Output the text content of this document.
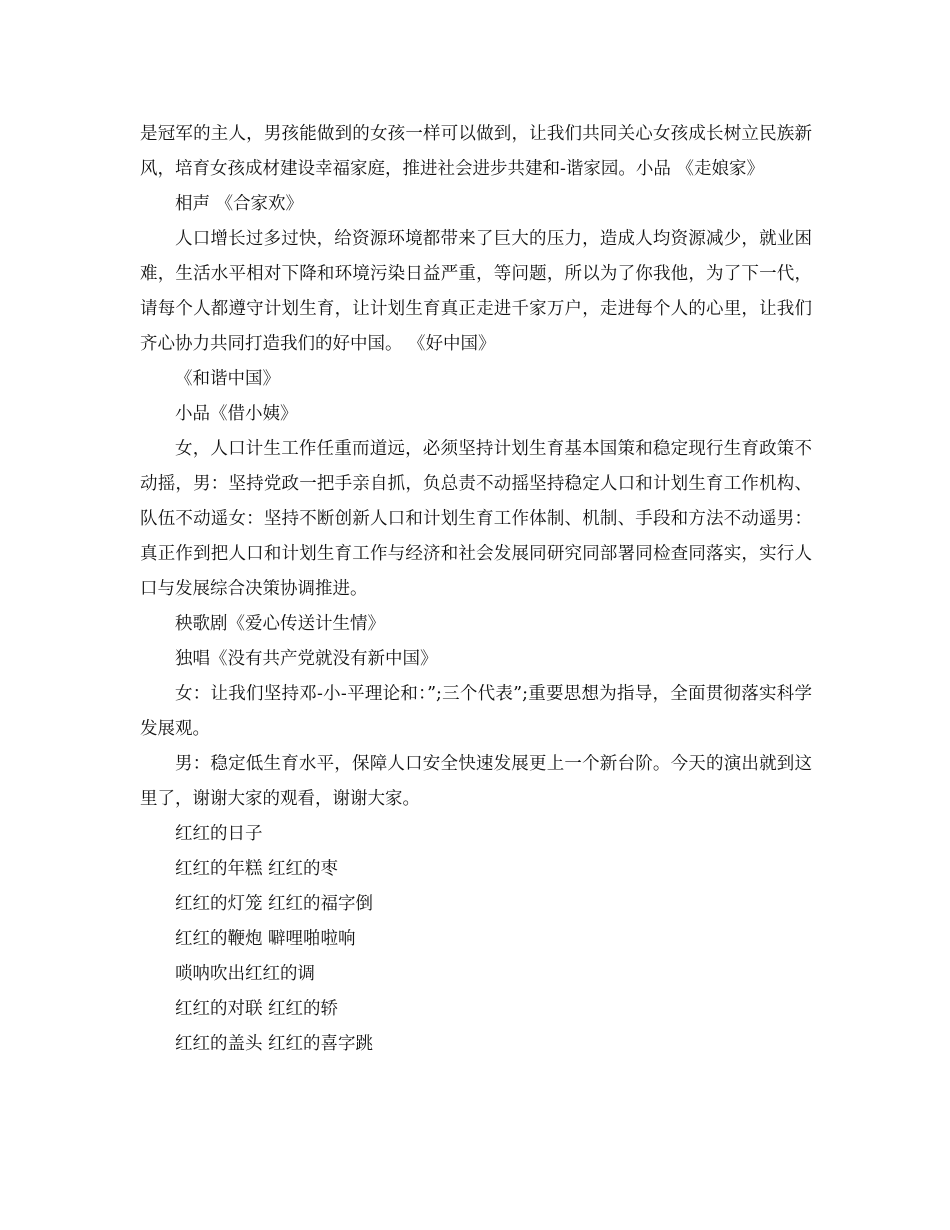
是冠军的主人，男孩能做到的女孩一样可以做到，让我们共同关心女孩成长树立民族新风，培育女孩成材建设幸福家庭，推进社会进步共建和-谐家园。小品 《走娘家》

相声 《合家欢》

人口增长过多过快，给资源环境都带来了巨大的压力，造成人均资源减少，就业困难，生活水平相对下降和环境污染日益严重，等问题，所以为了你我他，为了下一代，请每个人都遵守计划生育，让计划生育真正走进千家万户，走进每个人的心里，让我们齐心协力共同打造我们的好中国。 《好中国》

《和谐中国》

小品《借小姨》

女，人口计生工作任重而道远，必须坚持计划生育基本国策和稳定现行生育政策不动摇，男：坚持党政一把手亲自抓，负总责不动摇坚持稳定人口和计划生育工作机构、队伍不动遥女：坚持不断创新人口和计划生育工作体制、机制、手段和方法不动遥男：真正作到把人口和计划生育工作与经济和社会发展同研究同部署同检查同落实，实行人口与发展综合决策协调推进。

秧歌剧《爱心传送计生情》

独唱《没有共产党就没有新中国》

女：让我们坚持邓-小-平理论和：”;三个代表”;重要思想为指导，全面贯彻落实科学发展观。

男：稳定低生育水平，保障人口安全快速发展更上一个新台阶。今天的演出就到这里了，谢谢大家的观看，谢谢大家。

红红的日子

红红的年糕 红红的枣

红红的灯笼 红红的福字倒

红红的鞭炮 噼哩啪啦响

唢呐吹出红红的调

红红的对联 红红的轿

红红的盖头 红红的喜字跳
